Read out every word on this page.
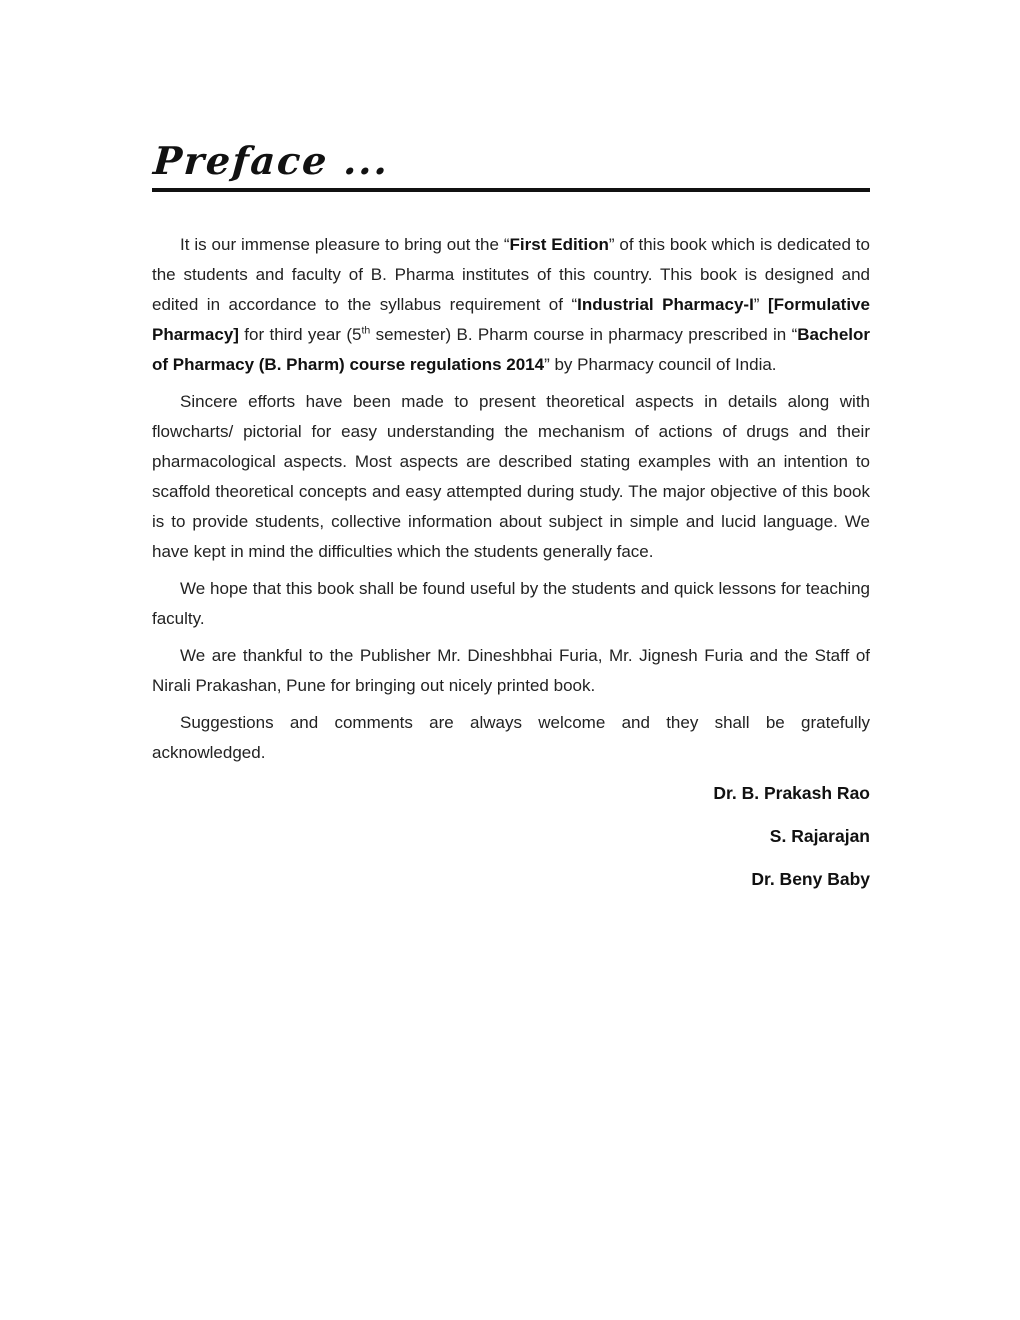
Preface ...

It is our immense pleasure to bring out the “First Edition” of this book which is dedicated to the students and faculty of B. Pharma institutes of this country. This book is designed and edited in accordance to the syllabus requirement of “Industrial Pharmacy-I” [Formulative Pharmacy] for third year (5th semester) B. Pharm course in pharmacy prescribed in “Bachelor of Pharmacy (B. Pharm) course regulations 2014” by Pharmacy council of India.

Sincere efforts have been made to present theoretical aspects in details along with flowcharts/ pictorial for easy understanding the mechanism of actions of drugs and their pharmacological aspects. Most aspects are described stating examples with an intention to scaffold theoretical concepts and easy attempted during study. The major objective of this book is to provide students, collective information about subject in simple and lucid language. We have kept in mind the difficulties which the students generally face.

We hope that this book shall be found useful by the students and quick lessons for teaching faculty.

We are thankful to the Publisher Mr. Dineshbhai Furia, Mr. Jignesh Furia and the Staff of Nirali Prakashan, Pune for bringing out nicely printed book.

Suggestions and comments are always welcome and they shall be gratefully acknowledged.

Dr. B. Prakash Rao

S. Rajarajan

Dr. Beny Baby
